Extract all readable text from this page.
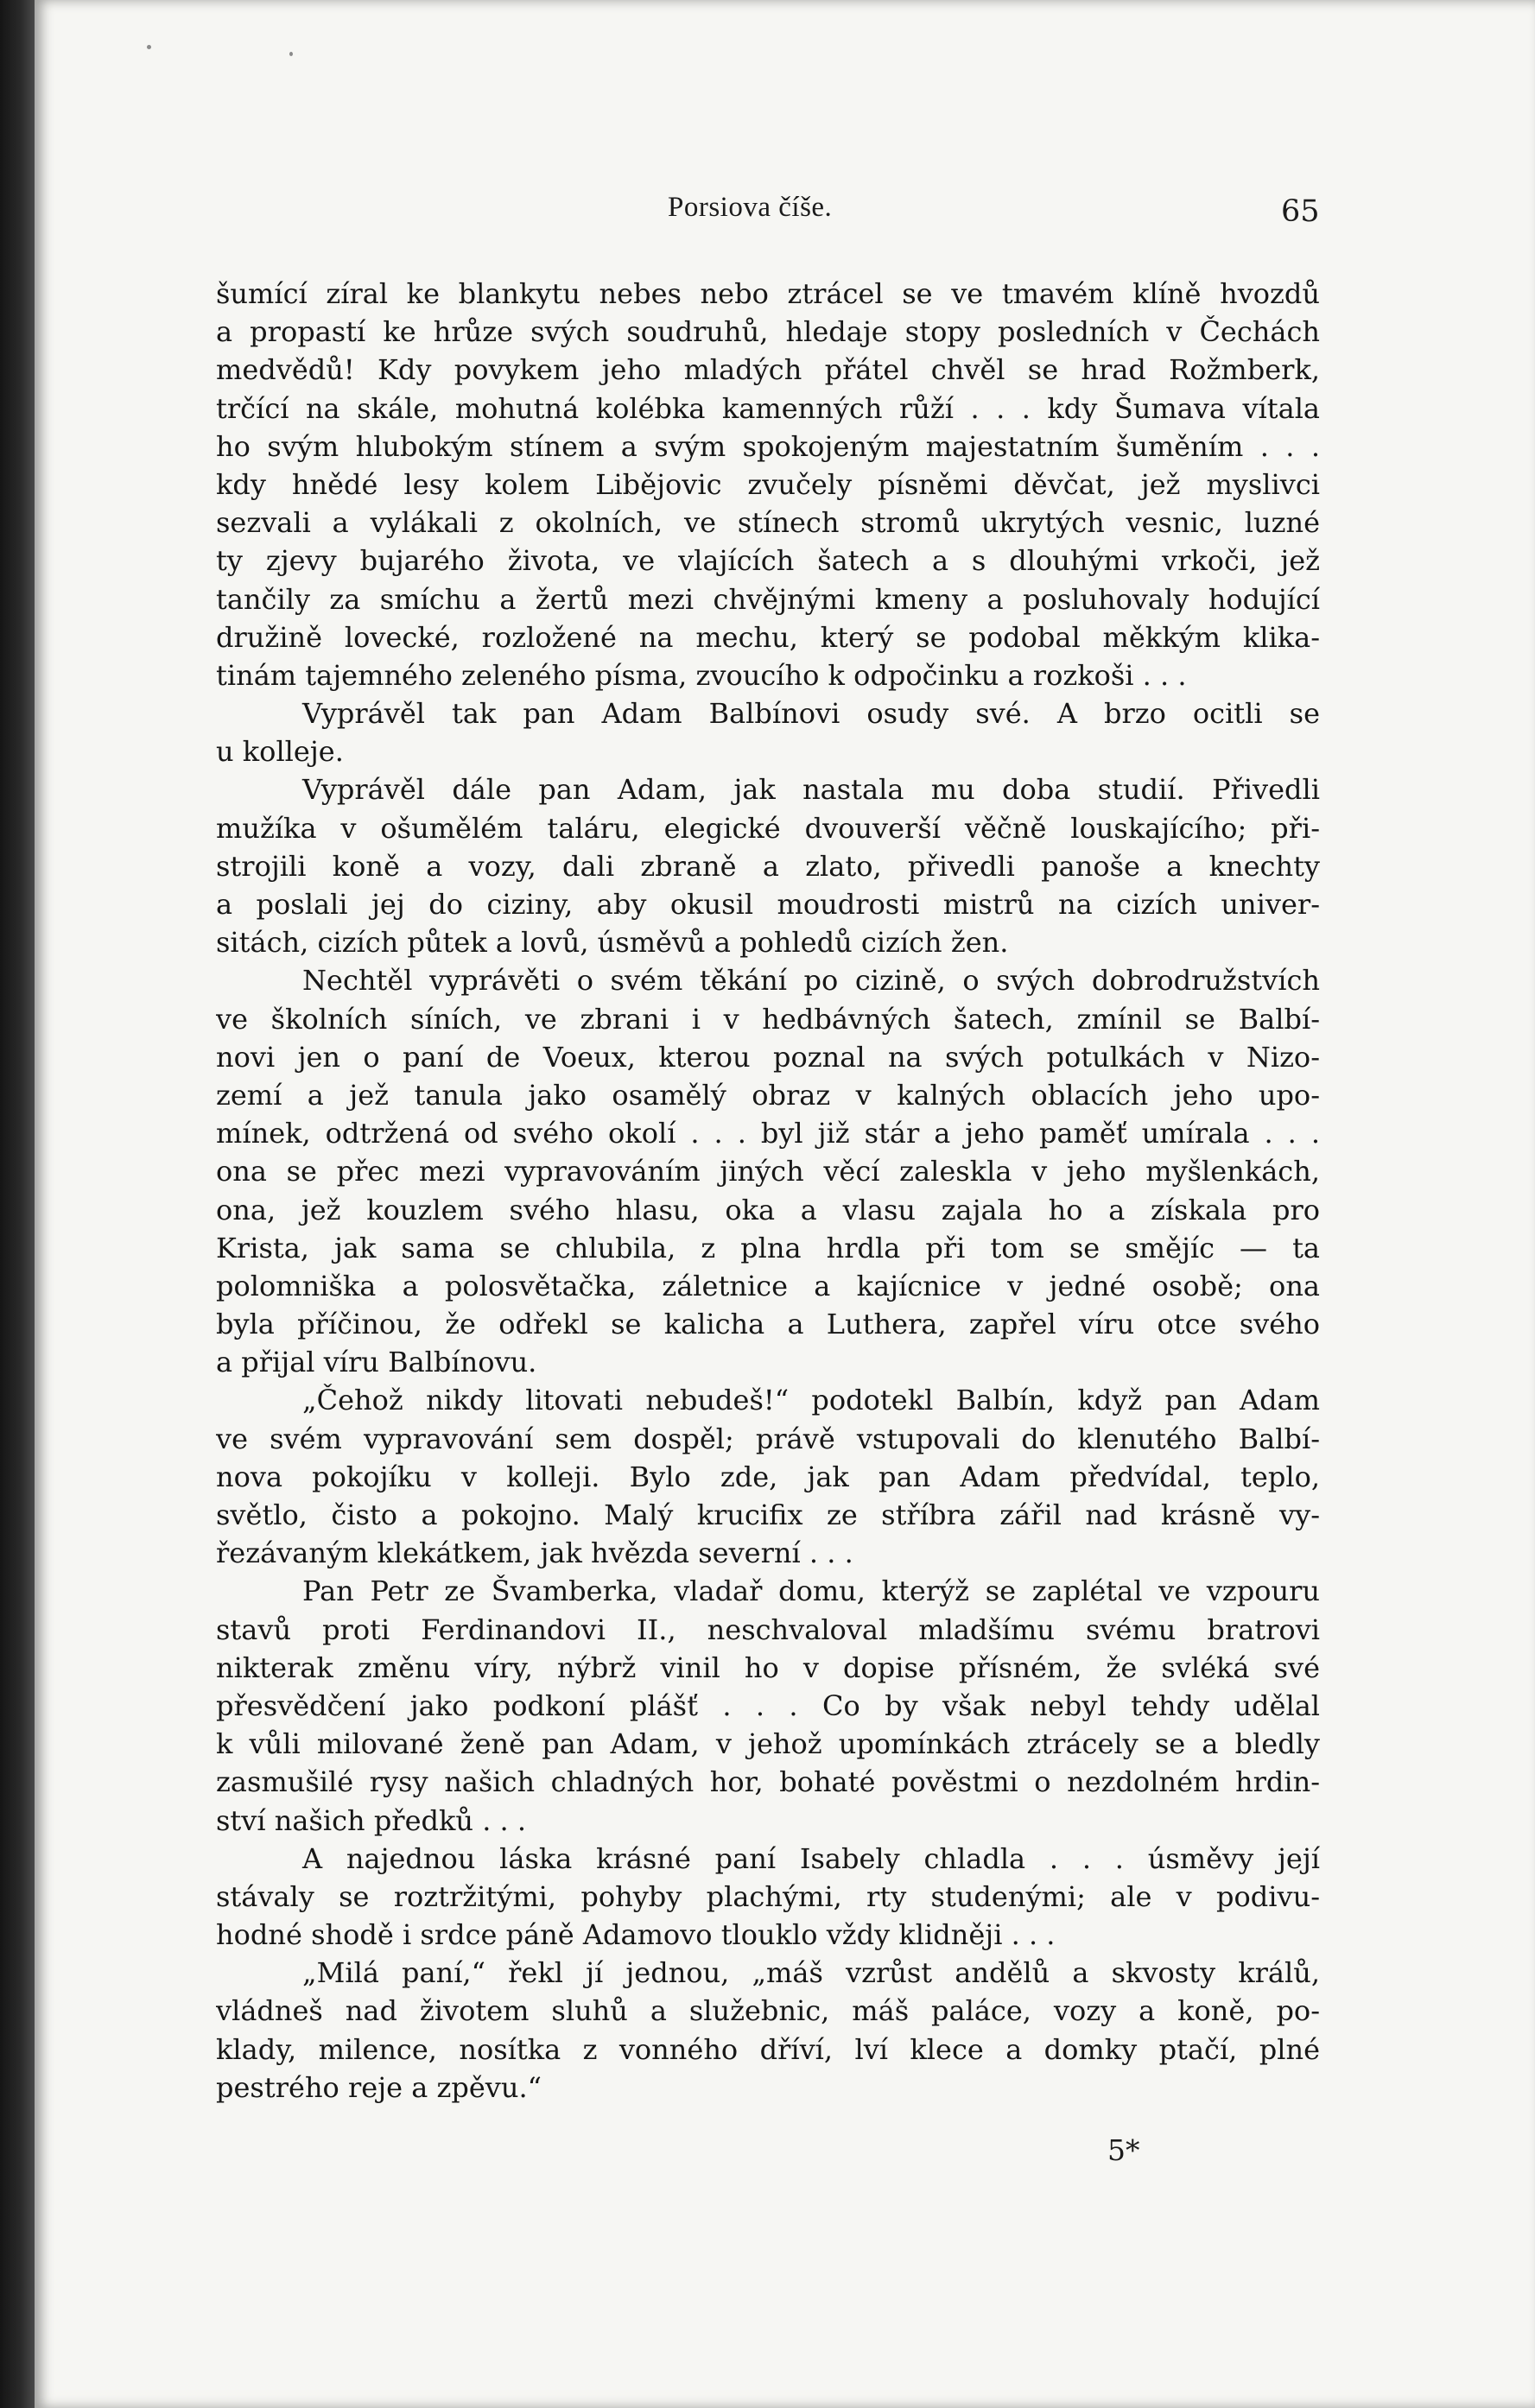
Porsiova číše.	65
šumící zíral ke blankytu nebes nebo ztrácel se ve tmavém klíně hvozdů
a propastí ke hrůze svých soudruhů, hledaje stopy posledních v Čechách
medvědů! Kdy povykem jeho mladých přátel chvěl se hrad Rožmberk,
trčící na skále, mohutná kolébka kamenných růží . . . kdy Šumava vítala
ho svým hlubokým stínem a svým spokojeným majestatním šuměním . . .
kdy hnědé lesy kolem Libějovic zvučely písněmi děvčat, jež myslivci
sezvali a vylákali z okolních, ve stínech stromů ukrytých vesnic, luzné
ty zjevy bujarého života, ve vlajících šatech a s dlouhými vrkoči, jež
tančily za smíchu a žertů mezi chvějnými kmeny a posluhovaly hodující
družině lovecké, rozložené na mechu, který se podobal měkkým klika-
tinám tajemného zeleného písma, zvoucího k odpočinku a rozkoši . . .
Vyprávěl tak pan Adam Balbínovi osudy své. A brzo ocitli se
u kolleje.
Vyprávěl dále pan Adam, jak nastala mu doba studií. Přivedli
mužíka v ošumělém taláru, elegické dvouverší věčně louskajícího; při-
strojili koně a vozy, dali zbraně a zlato, přivedli panoše a knechty
a poslali jej do ciziny, aby okusil moudrosti mistrů na cizích univer-
sitách, cizích půtek a lovů, úsměvů a pohledů cizích žen.
Nechtěl vyprávěti o svém těkání po cizině, o svých dobrodružstvích
ve školních síních, ve zbrani i v hedbávných šatech, zmínil se Balbí-
novi jen o paní de Voeux, kterou poznal na svých potulkách v Nizo-
zemí a jež tanula jako osamělý obraz v kalných oblacích jeho upo-
mínek, odtržená od svého okolí . . . byl již stár a jeho paměť umírala . . .
ona se přec mezi vypravováním jiných věcí zaleskla v jeho myšlenkách,
ona, jež kouzlem svého hlasu, oka a vlasu zajala ho a získala pro
Krista, jak sama se chlubila, z plna hrdla při tom se smějíc — ta
polomniška a polosvětačka, záletnice a kajícnice v jedné osobě; ona
byla příčinou, že odřekl se kalicha a Luthera, zapřel víru otce svého
a přijal víru Balbínovu.
„Čehož nikdy litovati nebudeš!“ podotekl Balbín, když pan Adam
ve svém vypravování sem dospěl; právě vstupovali do klenutého Balbí-
nova pokojíku v kolleji. Bylo zde, jak pan Adam předvídal, teplo,
světlo, čisto a pokojno. Malý krucifix ze stříbra zářil nad krásně vy-
řezávaným klekátkem, jak hvězda severní . . .
Pan Petr ze Švamberka, vladař domu, kterýž se zaplétal ve vzpouru
stavů proti Ferdinandovi II., neschvaloval mladšímu svému bratrovi
nikterak změnu víry, nýbrž vinil ho v dopise přísném, že svléká své
přesvědčení jako podkoní plášť . . . Co by však nebyl tehdy udělal
k vůli milované ženě pan Adam, v jehož upomínkách ztrácely se a bledly
zasmušilé rysy našich chladných hor, bohaté pověstmi o nezdolném hrdin-
ství našich předků . . .
A najednou láska krásné paní Isabely chladla . . . úsměvy její
stávaly se roztržitými, pohyby plachými, rty studenými; ale v podivu-
hodné shodě i srdce páně Adamovo tlouklo vždy klidněji . . .
„Milá paní,“ řekl jí jednou, „máš vzrůst andělů a skvosty králů,
vládneš nad životem sluhů a služebnic, máš paláce, vozy a koně, po-
klady, milence, nosítka z vonného dříví, lví klece a domky ptačí, plné
pestrého reje a zpěvu.“
5*
